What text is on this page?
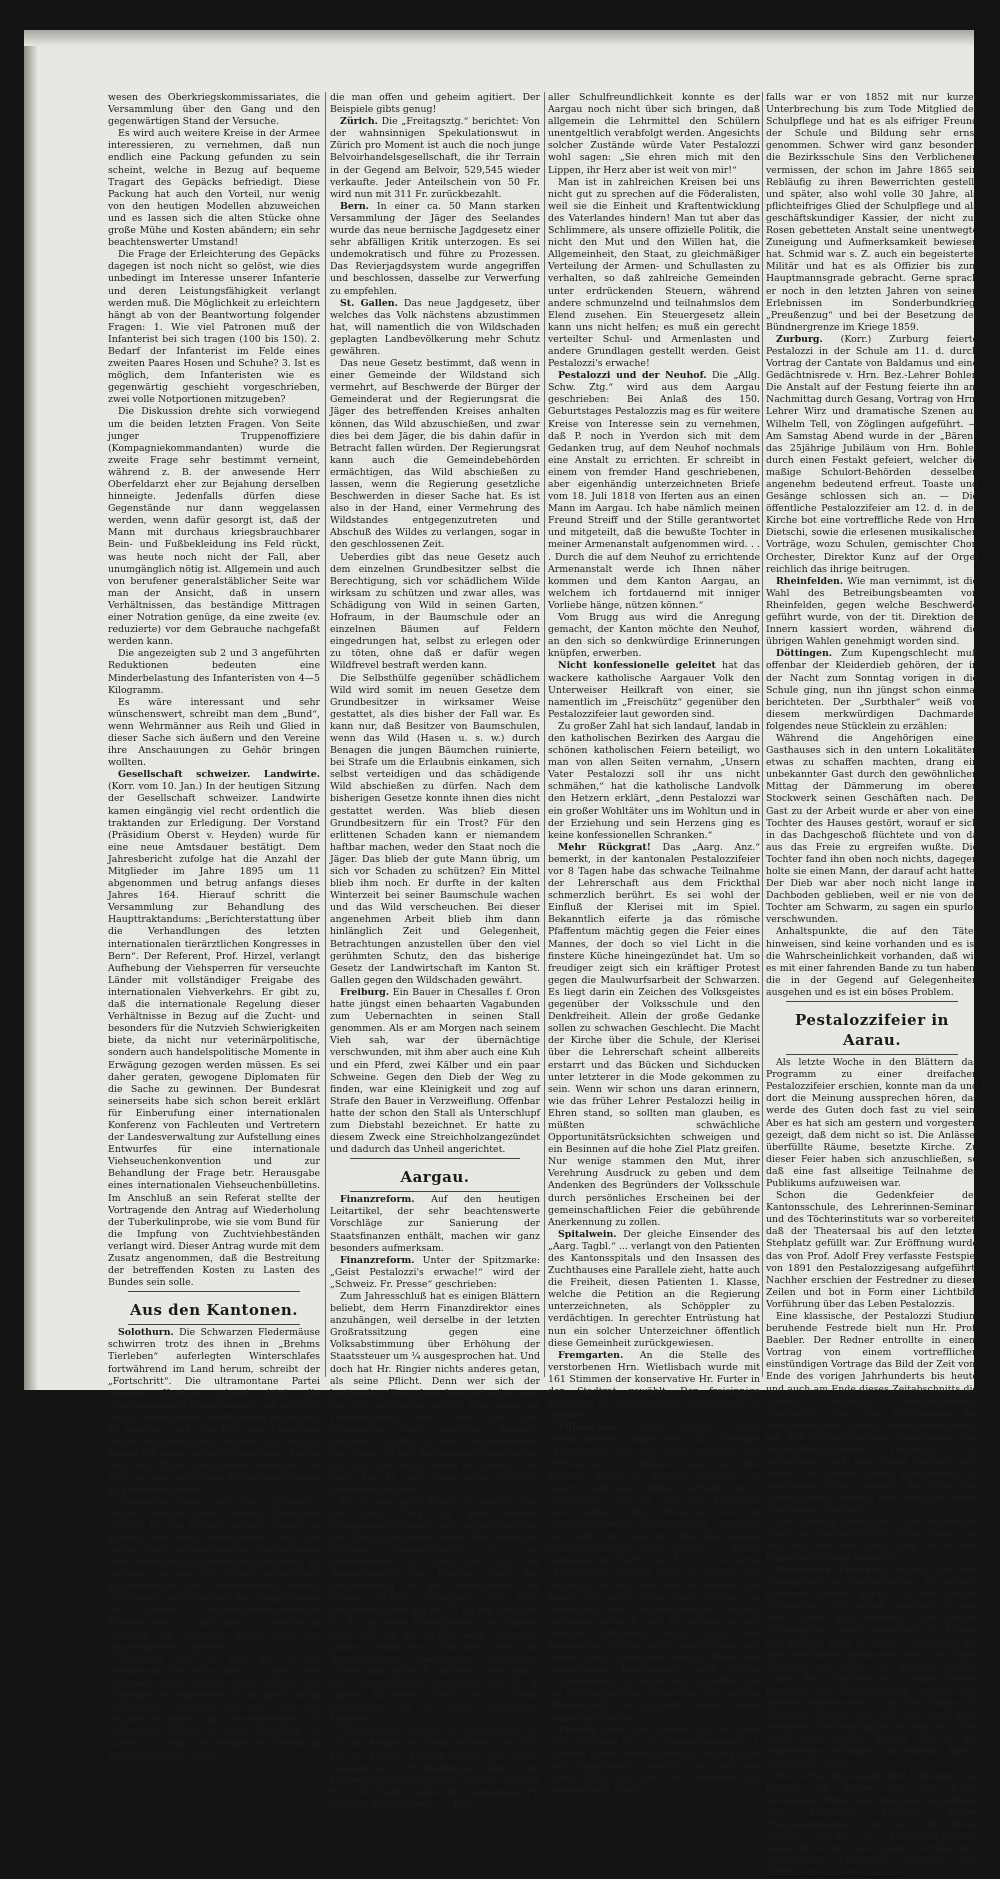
wesen des Oberkriegskommissariates, die Versammlung über den Gang und den gegenwärtigen Stand der Versuche.

Es wird auch weitere Kreise in der Armee interessieren, zu vernehmen, daß nun endlich eine Packung gefunden zu sein scheint, welche in Bezug auf bequeme Tragart des Gepäcks befriedigt. Diese Packung hat auch den Vorteil, nur wenig von den heutigen Modellen abzuweichen und es lassen sich die alten Stücke ohne große Mühe und Kosten abändern; ein sehr beachtenswerter Umstand!

Die Frage der Erleichterung des Gepäcks dagegen ist noch nicht so gelöst, wie dies unbedingt im Interesse unserer Infanterie und deren Leistungsfähigkeit verlangt werden muß. Die Möglichkeit zu erleichtern hängt ab von der Beantwortung folgender Fragen: 1. Wie viel Patronen muß der Infanterist bei sich tragen (100 bis 150). 2. Bedarf der Infanterist im Felde eines zweiten Paares Hosen und Schuhe? 3. Ist es möglich, dem Infanteristen wie es gegenwärtig geschieht vorgeschrieben, zwei volle Notportionen mitzugeben?

Die Diskussion drehte sich vorwiegend um die beiden letzten Fragen. Von Seite junger Truppenoffiziere (Kompagniekommandanten) wurde die zweite Frage sehr bestimmt verneint, während z. B. der anwesende Herr Oberfeldarzt eher zur Bejahung derselben hinneigte. Jedenfalls dürfen diese Gegenstände nur dann weggelassen werden, wenn dafür gesorgt ist, daß der Mann mit durchaus kriegsbrauchbarer Bein- und Fußbekleidung ins Feld rückt, was heute noch nicht der Fall, aber unumgänglich nötig ist. Allgemein und auch von berufener generalstäblicher Seite war man der Ansicht, daß in unsern Verhältnissen, das beständige Mittragen einer Notration genüge, da eine zweite (ev. reduzierte) vor dem Gebrauche nachgefaßt werden kann.

Die angezeigten sub 2 und 3 angeführten Reduktionen bedeuten eine Minderbelastung des Infanteristen von 4—5 Kilogramm.

Es wäre interessant und sehr wünschenswert, schreibt man dem „Bund“, wenn Wehrmänner aus Reih und Glied in dieser Sache sich äußern und den Vereine ihre Anschauungen zu Gehör bringen wollten.

Gesellschaft schweizer. Landwirte. (Korr. vom 10. Jan.) In der heutigen Sitzung der Gesellschaft schweizer. Landwirte kamen eingängig viel recht ordentlich die traktanden zur Erledigung. Der Vorstand (Präsidium Oberst v. Heyden) wurde für eine neue Amtsdauer bestätigt. Dem Jahresbericht zufolge hat die Anzahl der Mitglieder im Jahre 1895 um 11 abgenommen und betrug anfangs dieses Jahres 164. Hierauf schritt die Versammlung zur Behandlung des Haupttraktandums: „Berichterstattung über die Verhandlungen des letzten internationalen tierärztlichen Kongresses in Bern“. Der Referent, Prof. Hirzel, verlangt Aufhebung der Viehsperren für verseuchte Länder mit vollständiger Freigabe des internationalen Viehverkehrs. Er gibt zu, daß die internationale Regelung dieser Verhältnisse in Bezug auf die Zucht- und besonders für die Nutzvieh Schwierigkeiten biete, da nicht nur veterinärpolitische, sondern auch handelspolitische Momente in Erwägung gezogen werden müssen. Es sei daher geraten, gewogene Diplomaten für die Sache zu gewinnen. Der Bundesrat seinerseits habe sich schon bereit erklärt für Einberufung einer internationalen Konferenz von Fachleuten und Vertretern der Landesverwaltung zur Aufstellung eines Entwurfes für eine internationale Viehseuchenkonvention und zur Behandlung der Frage betr. Herausgabe eines internationalen Viehseuchenbülletins. Im Anschluß an sein Referat stellte der Vortragende den Antrag auf Wiederholung der Tuberkulinprobe, wie sie vom Bund für die Impfung von Zuchtviehbeständen verlangt wird. Dieser Antrag wurde mit dem Zusatz angenommen, daß die Bestreitung der betreffenden Kosten zu Lasten des Bundes sein solle.

Aus den Kantonen.

Solothurn. Die Schwarzen Fledermäuse schwirren trotz des ihnen in „Brehms Tierleben“ auferlegten Winterschlafes fortwährend im Land herum, schreibt der „Fortschritt“. Die ultramontane Partei unseres Kantons nimmt jetzt die „internationalen Fledermäuse“ auf die Stör, um die besonderen Solothurnern begreiflich zu machen, daß das Heil der Menschen einzig und allein darin bestehe, daß sie ihr Leben für einen allseitig genehmen Kirche und dem Papst darbringen, während sie sich um ihre weltlichen Verhältnisse wenig zu kümmern haben.

Abgesehen davon, daß die „Gründerei“ dieser Vereine keine großen Bedenken einflößt für die Zukunft unserer Partei, so können wir doch konstatieren, daß die Sache noch konfessionellen Vereinsleben eine bedenkliche Ausdehnung annimmt. Es bringen nun eine Zeit ruhiger, erfreulicher Kulturkämpfer und Pfaffenfresser wieder, von denen, welche selber den Kampf gegen die andern, nichtreligionsmächtigen Konfessionen entfachen. Gleichwohl möchten die Liberalen nicht, stets den Angegriffenen zu spielen.

Trauriger noch als alles das ist die betrübende Tatsache, daß es unter den Liberalen noch solche gibt, welche die Vorgänge als unbedeutend und gleichgültig aufzufassen scheinen und aufs eine die Gegner ermutigen, das „Abseitsstehen“ als geeignetes Mittel zu ihren Zwecken zu nutzen, ja sogar von denjenigen freisinnig scheinen lassen, gegen

die man offen und geheim agitiert. Der Beispiele gibts genug!

Zürich. Die „Freitagsztg.“ berichtet: Von der wahnsinnigen Spekulationswut in Zürich pro Moment ist auch die noch junge Belvoirhandelsgesellschaft, die ihr Terrain in der Gegend am Belvoir, 529,545 wieder verkaufte. Jeder Anteilschein von 50 Fr. wird nun mit 311 Fr. zurückbezahlt.

Bern. In einer ca. 50 Mann starken Versammlung der Jäger des Seelandes wurde das neue bernische Jagdgesetz einer sehr abfälligen Kritik unterzogen. Es sei undemokratisch und führe zu Prozessen. Das Revierjagdsystem wurde angegriffen und beschlossen, dasselbe zur Verwerfung zu empfehlen.

St. Gallen. Das neue Jagdgesetz, über welches das Volk nächstens abzustimmen hat, will namentlich die von Wildschaden geplagten Landbevölkerung mehr Schutz gewähren.

Das neue Gesetz bestimmt, daß wenn in einer Gemeinde der Wildstand sich vermehrt, auf Beschwerde der Bürger der Gemeinderat und der Regierungsrat die Jäger des betreffenden Kreises anhalten können, das Wild abzuschießen, und zwar dies bei dem Jäger, die bis dahin dafür in Betracht fallen würden. Der Regierungsrat kann auch die Gemeindebehörden ermächtigen, das Wild abschießen zu lassen, wenn die Regierung gesetzliche Beschwerden in dieser Sache hat. Es ist also in der Hand, einer Vermehrung des Wildstandes entgegenzutreten und Abschuß des Wildes zu verlangen, sogar in den geschlossenen Zeit.

Ueberdies gibt das neue Gesetz auch dem einzelnen Grundbesitzer selbst die Berechtigung, sich vor schädlichem Wilde wirksam zu schützen und zwar alles, was Schädigung von Wild in seinen Garten, Hofraum, in der Baumschule oder an einzelnen Bäumen auf Feldern eingedrungen hat, selbst zu erlegen oder zu töten, ohne daß er dafür wegen Wildfrevel bestraft werden kann.

Die Selbsthülfe gegenüber schädlichem Wild wird somit im neuen Gesetze dem Grundbesitzer in wirksamer Weise gestattet, als dies bisher der Fall war. Es kann nur, daß Besitzer von Baumschulen, wenn das Wild (Hasen u. s. w.) durch Benagen die jungen Bäumchen ruinierte, bei Strafe um die Erlaubnis einkamen, sich selbst verteidigen und das schädigende Wild abschießen zu dürfen. Nach dem bisherigen Gesetze konnte ihnen dies nicht gestattet werden. Was blieb diesen Grundbesitzern für ein Trost? Für den erlittenen Schaden kann er niemandem haftbar machen, weder den Staat noch die Jäger. Das blieb der gute Mann übrig, um sich vor Schaden zu schützen? Ein Mittel blieb ihm noch. Er durfte in der kalten Winterzeit bei seiner Baumschule wachen und das Wild verscheuchen. Bei dieser angenehmen Arbeit blieb ihm dann hinlänglich Zeit und Gelegenheit, Betrachtungen anzustellen über den viel gerühmten Schutz, den das bisherige Gesetz der Landwirtschaft im Kanton St. Gallen gegen den Wildschaden gewährt.

Freiburg. Ein Bauer in Chesalles f. Oron hatte jüngst einen behaarten Vagabunden zum Uebernachten in seinen Stall genommen. Als er am Morgen nach seinem Vieh sah, war der übernächtige verschwunden, mit ihm aber auch eine Kuh und ein Pferd, zwei Kälber und ein paar Schweine. Gegen den Dieb der Weg zu finden, war eine Kleinigkeit und zog auf Strafe den Bauer in Verzweiflung. Offenbar hatte der schon den Stall als Unterschlupf zum Diebstahl bezeichnet. Er hatte zu diesem Zweck eine Streichholzangezündet und dadurch das Unheil angerichtet.

Aargau.

Finanzreform. Auf den heutigen Leitartikel, der sehr beachtenswerte Vorschläge zur Sanierung der Staatsfinanzen enthält, machen wir ganz besonders aufmerksam.

Finanzreform. Unter der Spitzmarke: „Geist Pestalozzi's erwache!“ wird der „Schweiz. Fr. Presse“ geschrieben:

Zum Jahresschluß hat es einigen Blättern beliebt, dem Herrn Finanzdirektor eines anzuhängen, weil derselbe in der letzten Großratssitzung gegen eine Volksabstimmung über Erhöhung der Staatssteuer um ¼ ausgesprochen hat. Und doch hat Hr. Ringier nichts anderes getan, als seine Pflicht. Denn wer sich der kantonalen Finanzlage bewusst wäre, was das Volk antworten werde. Und wenn der Finanzdirektor den Staat und den Gemeinden eine unnötige Ausgabe ersparen möchte in einer Angelegenheit, die schon vor der Abstimmung entschieden ist, so ist das nichts gegen das Gesetz. Und doch hat er den Dank jedes rechtlich gesinnten Bürgers.

Es ist aber nicht daran zu zweifeln, daß das aarg. Volk für eine erhöhte Staatssteuer stimmen wird, sobald man ihm erst Brot statt Steine bietet. Wir verlangen größere Unterstützung für das Armenwesen. Da lesen wir, daß der Regierungsrat des Kantons Bern den Staatsbeitrag an die Armenpflege des Jahres 18,000 Notarmen pro 1896 festgesetzt habe auf Fr. 37 für ein Kind und Fr. 47 für einen Erwachsenen. Der Aargau aber zahlt an die 11,000 aarg. Notarmen ganze zehntausend Franken. Den mit Armensteuern überladenen Gemeinden würde man dadurch aufhelfen, daß man 2 bis 3 Armenbezirke einrichtet, wie das in andern Kantonen, durch die zu starke Gemeinden wir ja diesen erleichtern könnten.

Nicht besser steht es im Schulwesen. So soll im Aargau ein Primarschüler per Jahr Fr. 42 kosten. Hievon leistet der Staat, Inspektoren, Fortbildungsschulen und Lehrerseminar inbegriffen, für den Schüler Fr. 9.50. Dabei zahlen die Gemeinden Fr. 750,000 Schulsteuern. — Bei

aller Schulfreundlichkeit konnte es der Aargau noch nicht über sich bringen, daß allgemein die Lehrmittel den Schülern unentgeltlich verabfolgt werden. Angesichts solcher Zustände würde Vater Pestalozzi wohl sagen: „Sie ehren mich mit den Lippen, ihr Herz aber ist weit von mir!“

Man ist in zahlreichen Kreisen bei uns nicht gut zu sprechen auf die Föderalisten, weil sie die Einheit und Kraftentwicklung des Vaterlandes hindern! Man tut aber das Schlimmere, als unsere offizielle Politik, die nicht den Mut und den Willen hat, die Allgemeinheit, den Staat, zu gleichmäßiger Verteilung der Armen- und Schullasten zu verhalten, so daß zahlreiche Gemeinden unter erdrückenden Steuern, während andere schmunzelnd und teilnahmslos dem Elend zusehen. Ein Steuergesetz allein kann uns nicht helfen; es muß ein gerecht verteilter Schul- und Armenlasten und andere Grundlagen gestellt werden. Geist Pestalozzi's erwache!

Pestalozzi und der Neuhof. Die „Allg. Schw. Ztg.“ wird aus dem Aargau geschrieben: Bei Anlaß des 150. Geburtstages Pestalozzis mag es für weitere Kreise von Interesse sein zu vernehmen, daß P. noch in Yverdon sich mit dem Gedanken trug, auf dem Neuhof nochmals eine Anstalt zu errichten. Er schreibt in einem von fremder Hand geschriebenen, aber eigenhändig unterzeichneten Briefe vom 18. Juli 1818 von Iferten aus an einen Mann im Aargau. Ich habe nämlich meinen Freund Streiff und der Stille gerantwortet und mitgeteilt, daß die bewußte Tochter in meiner Armenanstalt aufgenommen wird. . . . Durch die auf dem Neuhof zu errichtende Armenanstalt werde ich Ihnen näher kommen und dem Kanton Aargau, an welchem ich fortdauernd mit inniger Vorliebe hänge, nützen können.“

Vom Brugg aus wird die Anregung gemacht, der Kanton möchte den Neuhof, an den sich so denkwürdige Erinnerungen knüpfen, erwerben.

Nicht konfessionelle geleitet hat das wackere katholische Aargauer Volk den Unterweiser Heilkraft von einer, sie namentlich im „Freischütz“ gegenüber den Pestalozzifeier laut geworden sind.

Zu großer Zahl hat sich landauf, landab in den katholischen Bezirken des Aargau die schönen katholischen Feiern beteiligt, wo man von allen Seiten vernahm, „Unsern Vater Pestalozzi soll ihr uns nicht schmähen,“ hat die katholische Landvolk den Hetzern erklärt, „denn Pestalozzi war ein großer Wohltäter uns im Wohltun und in der Erziehung und sein Herzens ging es keine konfessionellen Schranken.“

Mehr Rückgrat! Das „Aarg. Anz.“ bemerkt, in der kantonalen Pestalozzifeier vor 8 Tagen habe das schwache Teilnahme der Lehrerschaft aus dem Frickthal schmerzlich berührt. Es sei wohl der Einfluß der Klerisei mit im Spiel. Bekanntlich eiferte ja das römische Pfaffentum mächtig gegen die Feier eines Mannes, der doch so viel Licht in die finstere Küche hineingezündet hat. Um so freudiger zeigt sich ein kräftiger Protest gegen die Maulwurfsarbeit der Schwarzen. Es liegt darin ein Zeichen des Volksgeistes gegenüber der Volksschule und den Denkfreiheit. Allein der große Gedanke sollen zu schwachen Geschlecht. Die Macht der Kirche über die Schule, der Klerisei über die Lehrerschaft scheint allbereits erstarrt und das Bücken und Sichducken unter letzterer in die Mode gekommen zu sein. Wenn wir schon uns daran erinnern, wie das früher Lehrer Pestalozzi heilig in Ehren stand, so sollten man glauben, es müßten schwächliche Opportunitätsrücksichten schweigen und ein Besinnen auf die hohe Ziel Platz greifen. Nur wenige stammen den Mut, ihrer Verehrung Ausdruck zu geben und dem Andenken des Begründers der Volksschule durch persönliches Erscheinen bei der gemeinschaftlichen Feier die gebührende Anerkennung zu zollen.

Spitalwein. Der gleiche Einsender des „Aarg. Tagbl.“ ... verlangt von den Patienten des Kantonsspitals und den Insassen des Zuchthauses eine Parallele zieht, hatte auch die Freiheit, diesen Patienten 1. Klasse, welche die Petition an die Regierung unterzeichneten, als Schöppler zu verdächtigen. In gerechter Entrüstung hat nun ein solcher Unterzeichner öffentlich diese Gemeinheit zurückgewiesen.

Fremgarten. An die Stelle des verstorbenen Hrn. Wietlisbach wurde mit 161 Stimmen der konservative Hr. Furter in den Stadtrat gewählt. Der freisinnige Kandidat, Hr. Fabrikmeister Isler, wurde 94 Stimmen.

Villmergen. Hier wurde keine Pestalozzifeier abgehalten. Ein hiesiger „Schulmann“ hat sich sogar entblödet, am Wirtstische zu erklären: das sei alles humane Ding; in keinem Schulen sei gelernt, daß eine solche stattfände, nicht teilnehmen, weil er sich mit Krankheit entschuldigen, denn Pestalozzi sei ein ausgesprochener Gottesleugner gewesen und habe Gott verachtet. Bei allen seinen Unternehmungen Glück gehabt. — Hiezu bemerken mit Recht die „Fr. St.“: Der nette „Schulmann“ scheint nicht zu wissen, daß Pestalozzi in den Geist und die Schöne und Liebe für alles Gute und Schöne im Menschen ewig achtungswerthe Tochter gewesen; denn P. hat in gerade in der Religion allerdings nicht nach dem besonderen Schein und so, aber zeigte sich heute darob entsetzen würde, Ende des neunzehnten Jahrhunderts noch solche „Schulmänner“ zu einer Tag zu treffen, die die Unfähigkeit der Schule der Zeit und die Wissenschaft im Einsicht dieser Worte gekennzeichneten.

Pietwil. Hier starb letzter Tage im Alter von 73 Jahren Gr., alt Gemeindeammann J. Schmid. Kaum dreißig Jahre alt, wurde er in den Gemeinderat gewählt und war von 1869—1880 laut Bote, der Gemeinde als Ammann vor. Eben-

falls war er von 1852 mit nur kurzer Unterbrechung bis zum Tode Mitglied der Schulpflege und hat es als eifriger Freund der Schule und Bildung sehr ernst genommen. Schwer wird ganz besonders die Bezirksschule Sins den Verblichenen vermissen, der schon im Jahre 1865 sein Rebläufig zu ihren Bewerrichten gestellt und später, also wohl volle 30 Jahre, als pflichteifriges Glied der Schulpflege und als geschäftskundiger Kassier, der nicht zur Rosen gebetteten Anstalt seine unentwegte Zuneigung und Aufmerksamkeit bewiesen hat. Schmid war s. Z. auch ein begeisterter Militär und hat es als Offizier bis zum Hauptmannsgrade gebracht. Gerne sprach er noch in den letzten Jahren von seinen Erlebnissen im Sonderbundkrieg, „Preußenzug“ und bei der Besetzung der Bündnergrenze im Kriege 1859.

Zurburg. (Korr.) Zurburg feierte Pestalozzi in der Schule am 11. d. durch Vortrag der Cantate von Baldamus und eine Gedächtnisrede v. Hrn. Bez.-Lehrer Bohler. Die Anstalt auf der Festung feierte ihn am Nachmittag durch Gesang, Vortrag von Hrn. Lehrer Wirz und dramatische Szenen aus Wilhelm Tell, von Zöglingen aufgeführt. — Am Samstag Abend wurde in der „Bären“ das 25jährige Jubiläum von Hrn. Bohler durch einen Festakt gefeiert, welcher die maßige Schulort-Behörden desselben angenehm bedeutend erfreut. Toaste und Gesänge schlossen sich an. — Die öffentliche Pestalozzifeier am 12. d. in der Kirche bot eine vortreffliche Rede von Hrn. Dietschi, sowie die erlesenen musikalischen Vorträge, wozu Schulen, gemischter Chor, Orchester, Direktor Kunz auf der Orgel reichlich das ihrige beitrugen.

Rheinfelden. Wie man vernimmt, ist die Wahl des Betreibungsbeamten von Rheinfelden, gegen welche Beschwerde geführt wurde, von der tit. Direktion des Innern kassiert worden, während die übrigen Wahlen genehmigt worden sind.

Döttingen. Zum Kupengschlecht muß offenbar der Kleiderdieb gehören, der in der Nacht zum Sonntag vorigen in die Schule ging, nun ihn jüngst schon einmal berichteten. Der „Surbthaler“ weiß von diesem merkwürdigen Dachmarder folgendes neue Stücklein zu erzählen:

Während die Angehörigen eines Gasthauses sich in den untern Lokalitäten etwas zu schaffen machten, drang ein unbekannter Gast durch den gewöhnlichen Mittag der Dämmerung im oberen Stockwerk seinen Geschäften nach. Der Gast zu der Arbeit wurde er aber von einer Tochter des Hauses gestört, worauf er sich in das Dachgeschoß flüchtete und von da aus das Freie zu ergreifen wußte. Die Tochter fand ihn oben noch nichts, dagegen holte sie einen Mann, der darauf acht hatte. Der Dieb war aber noch nicht lange im Dachboden geblieben, weil er nie von der Tochter am Schwarm, zu sagen ein spurlos verschwunden.

Anhaltspunkte, die auf den Täter hinweisen, sind keine vorhanden und es ist die Wahrscheinlichkeit vorhanden, daß wir es mit einer fahrenden Bande zu tun haben, die in der Gegend auf Gelegenheiten ausgehen und es ist ein böses Problem.

Pestalozzifeier in Aarau.

Als letzte Woche in den Blättern das Programm zu einer dreifachen Pestalozzifeier erschien, konnte man da und dort die Meinung aussprechen hören, das werde des Guten doch fast zu viel sein. Aber es hat sich am gestern und vorgestern gezeigt, daß dem nicht so ist. Die Anlässe: überfüllte Räume, besetzte Kirche. Zu dieser Feier haben sich anzuschließen, so daß eine fast allseitige Teilnahme des Publikums aufzuweisen war.

Schon die Gedenkfeier der Kantonsschule, des Lehrerinnen-Seminars und des Töchterinstituts war so vorbereitet, daß der Theatersaal bis auf den letzten Stehplatz gefüllt war. Zur Eröffnung wurde das von Prof. Adolf Frey verfasste Festspiel von 1891 den Pestalozzigesang aufgeführt. Nachher erschien der Festredner zu diesen Zeilen und bot in Form einer Lichtbild-Vorführung über das Leben Pestalozzis.

Eine klassische, der Pestalozzi Studium beruhende Festrede bielt nun Hr. Prof. Baebler. Der Redner entrollte in einem Vortrag von einem vortrefflichen einstündigen Vortrage das Bild der Zeit vom Ende des vorigen Jahrhunderts bis heute und auch am Ende dieses Zeitabschnitts die Gestalt Pestalozzis herauszuheben. Meisterlich wies der Vortragende die biographischen Daten abwechslungsreich mit den psychologischen Darlegungen der Entwicklungsphasen Pestalozzis zu vermengen und hob dabei vielfach den Mann, der einem halben Jahrhundert im Vaterlande voran gedient. Ein Chor des Gesangvereins bildete den Abschluß dieser erhebenden Vorfeier.

Am Samstag Abend um 8 Uhr begann die Feier der Bezirksschule. Schon lange vor der Zeit war der große Saal bis in den hintersten Winkel angefüllt.

Hunzikers Festspiel bildete hier den Mittelpunkt der Veranstaltung. Es wurden mehrere Szenen daraus in den jungen Darstellern sehr lebhaft gegeben. Es war sehr schön und lehrreich, die jungen Schauspieler, sowie namentlich die Kinder mit großem Eifer zu sehen. Das Stück bot den bewährten Regisseur, Hrn. Dr. Ernst Zschokke alle Ehre. Die kleinen Schüler haben den Zuhörern eine große Freude bereitet. Die Bühnenbilder, welche die Spieler abwechselten, und das Ganze ein würdiges Drama, das recht gut, auch noch bendigtes Pestalozzispiel zu erinnern. Das Stück fand reichen Beifall, daß es auf allgemeines Verlangen am Sonntag Abend wiederholt wurde.

Sehr schwellig ausgeführte Uebungen der Knaben am Barren und eine frisch gesungene Monotonie grazioser Reigentanz der Mädchen bildeten ferner Programmnummern und als Schluß dieses Abends wurde die Pestalozzi-Kantate gebracht, womit diese ganze würdige und genußreiche Produktion geboten, zum Schluß eine längere Cantate
